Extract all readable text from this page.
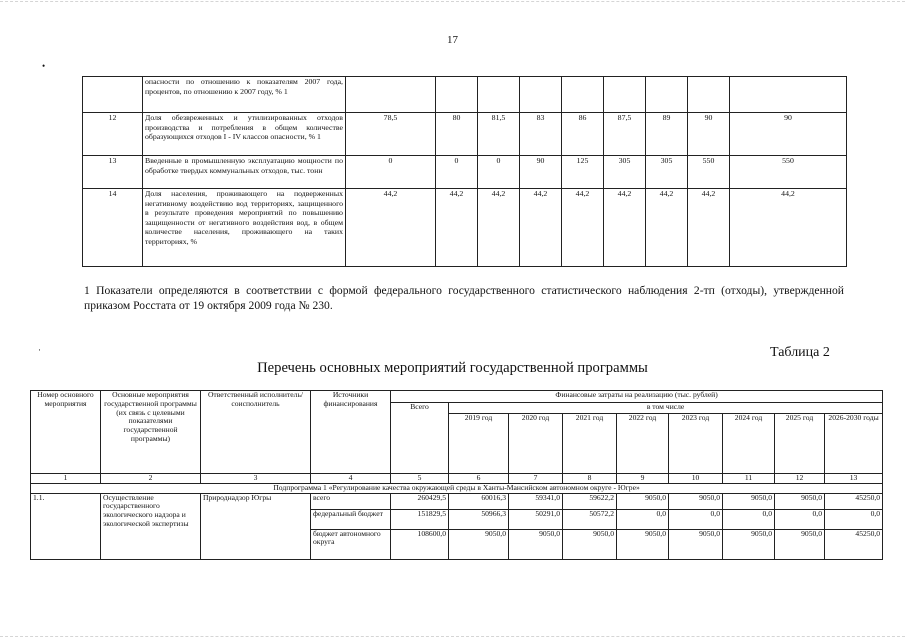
17
•
·
	опасности по отношению к показателям 2007 года, процентов, по отношению к 2007 году, % 1									
12	Доля обезвреженных и утилизированных отходов производства и потребления в общем количестве образующихся отходов I - IV классов опасности, % 1	78,5	80	81,5	83	86	87,5	89	90	90
13	Введенные в промышленную эксплуатацию мощности по обработке твердых коммунальных отходов, тыс. тонн	0	0	0	90	125	305	305	550	550
14	Доля населения, проживающего на подверженных негативному воздействию вод территориях, защищенного в результате проведения мероприятий по повышению защищенности от негативного воздействия вод, в общем количестве населения, проживающего на таких территориях, %	44,2	44,2	44,2	44,2	44,2	44,2	44,2	44,2	44,2
1 Показатели определяются в соответствии с формой федерального государственного статистического наблюдения 2-тп (отходы), утвержденной приказом Росстата от 19 октября 2009 года № 230.
Таблица 2
Перечень основных мероприятий государственной программы
Номер основного мероприятия	Основные мероприятия государственной программы (их связь с целевыми показателями государственной программы)	Ответственный исполнитель/ соисполнитель	Источники финансирования	Финансовые затраты на реализацию (тыс. рублей)								
				Всего	в том числе							
					2019 год	2020 год	2021 год	2022 год	2023 год	2024 год	2025 год	2026-2030 годы
1	2	3	4	5	6	7	8	9	10	11	12	13
Подпрограмма 1 «Регулирование качества окружающей среды в Ханты-Мансийском автономном округе - Югре»												
1.1.	Осуществление государственного экологического надзора и экологической экспертизы	Природнадзор Югры	всего	260429,5	60016,3	59341,0	59622,2	9050,0	9050,0	9050,0	9050,0	45250,0
			федеральный бюджет	151829,5	50966,3	50291,0	50572,2	0,0	0,0	0,0	0,0	0,0
			бюджет автономного округа	108600,0	9050,0	9050,0	9050,0	9050,0	9050,0	9050,0	9050,0	45250,0
